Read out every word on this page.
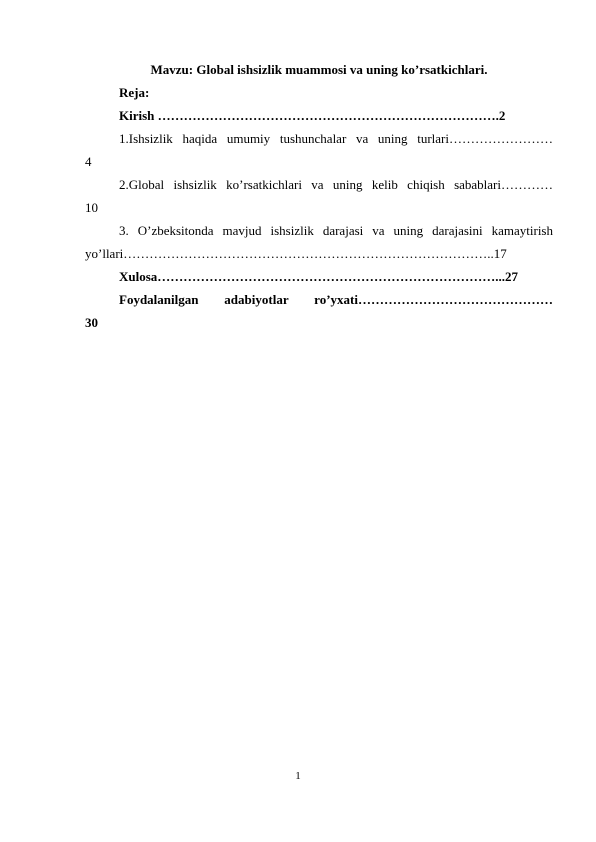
Mavzu: Global ishsizlik muammosi va uning ko’rsatkichlari.

Reja:

Kirish …………………………………………………………………….2

1.Ishsizlik haqida umumiy tushunchalar va uning turlari……………………

4

2.Global ishsizlik ko’rsatkichlari va uning kelib chiqish sabablari…………

10

3. O’zbeksitonda mavjud ishsizlik darajasi va uning darajasini kamaytirish

yo’llari…………………………………………………………………………..17

Xulosa……………………………………………………………………...27

Foydalanilgan adabiyotlar ro’yxati………………………………………

30

1
